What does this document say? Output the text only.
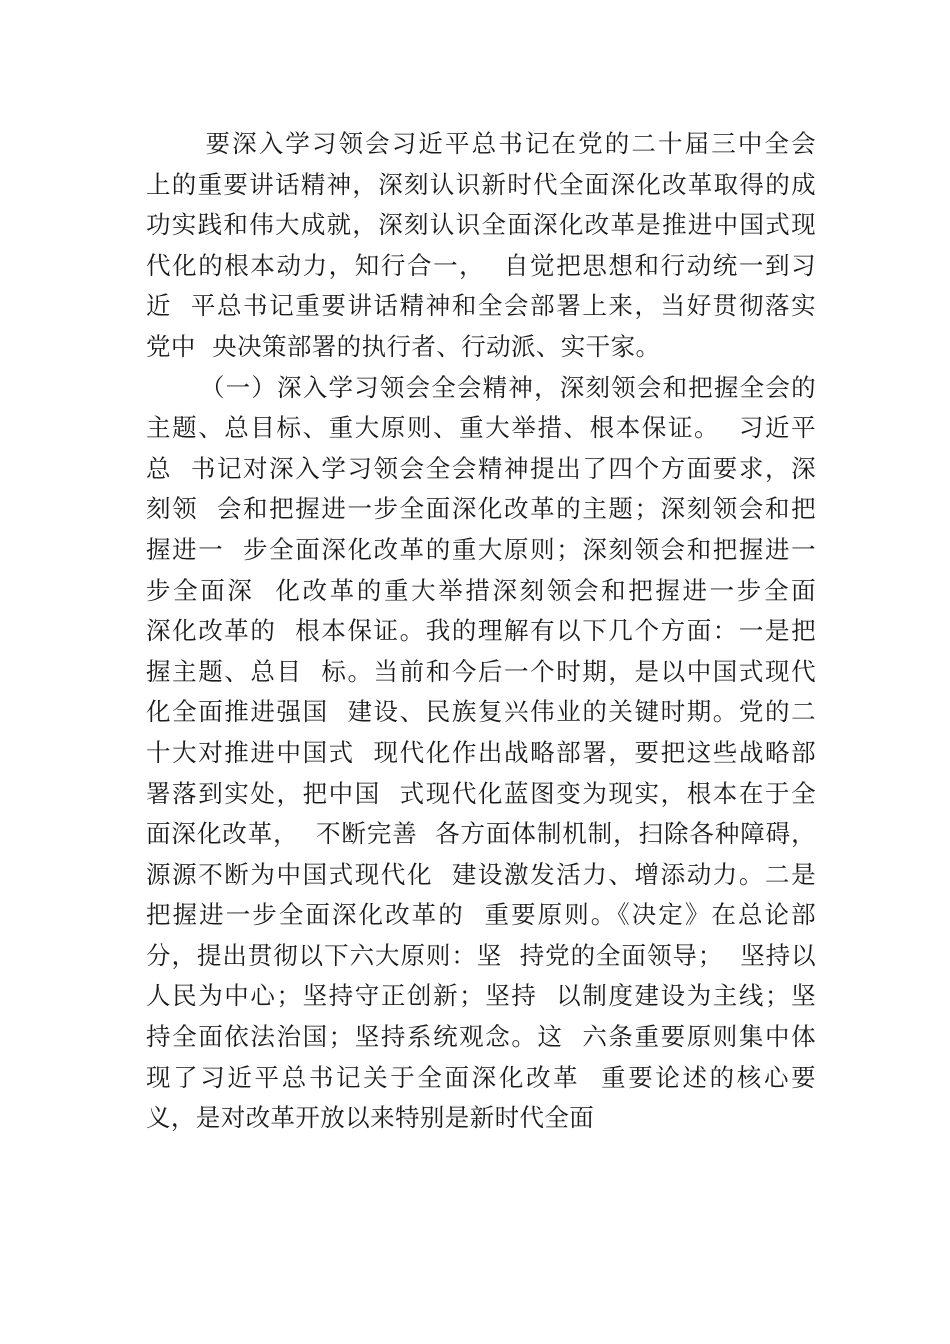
要深入学习领会习近平总书记在党的二十届三中全会
上的重要讲话精神，深刻认识新时代全面深化改革取得的成
功实践和伟大成就，深刻认识全面深化改革是推进中国式现
代化的根本动力，知行合一，  自觉把思想和行动统一到习
近  平总书记重要讲话精神和全会部署上来，当好贯彻落实
党中  央决策部署的执行者、行动派、实干家。
（一）深入学习领会全会精神，深刻领会和把握全会的
主题、总目标、重大原则、重大举措、根本保证。  习近平
总  书记对深入学习领会全会精神提出了四个方面要求，深
刻领  会和把握进一步全面深化改革的主题；深刻领会和把
握进一  步全面深化改革的重大原则；深刻领会和把握进一
步全面深  化改革的重大举措深刻领会和把握进一步全面
深化改革的  根本保证。我的理解有以下几个方面：一是把
握主题、总目  标。当前和今后一个时期，是以中国式现代
化全面推进强国  建设、民族复兴伟业的关键时期。党的二
十大对推进中国式  现代化作出战略部署，要把这些战略部
署落到实处，把中国  式现代化蓝图变为现实，根本在于全
面深化改革，  不断完善  各方面体制机制，扫除各种障碍，
源源不断为中国式现代化  建设激发活力、增添动力。二是
把握进一步全面深化改革的  重要原则。《决定》在总论部
分，提出贯彻以下六大原则：坚  持党的全面领导；  坚持以
人民为中心；坚持守正创新；坚持  以制度建设为主线；坚
持全面依法治国；坚持系统观念。这  六条重要原则集中体
现了习近平总书记关于全面深化改革  重要论述的核心要
义，是对改革开放以来特别是新时代全面
